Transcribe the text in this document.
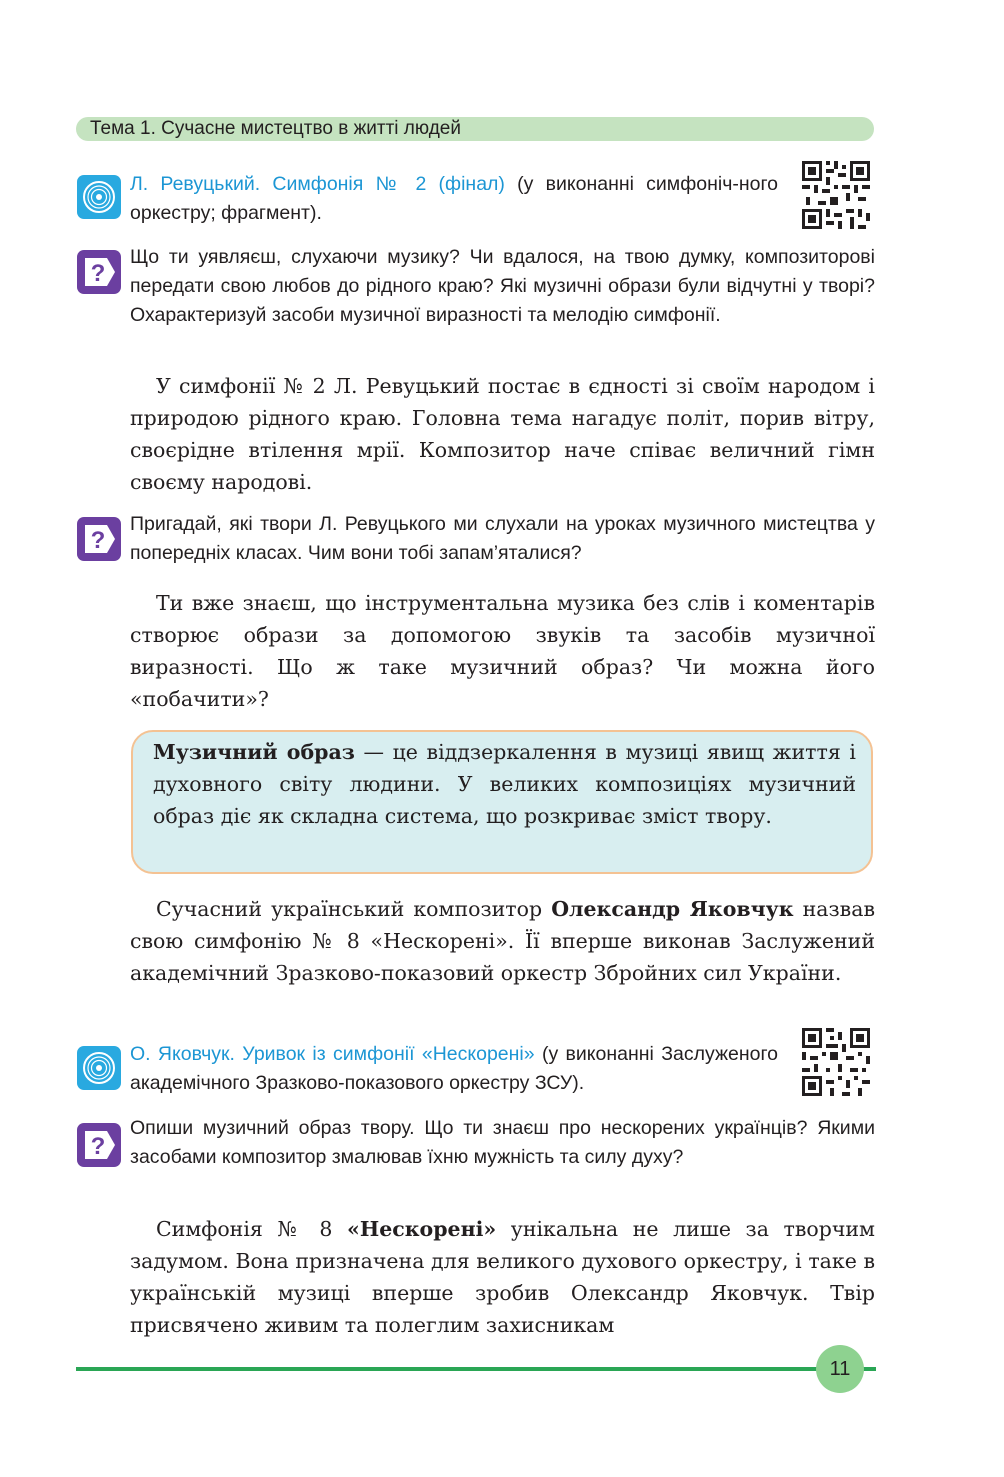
Тема 1. Сучасне мистецтво в житті людей
Л. Ревуцький. Симфонія № 2 (фінал) (у виконанні симфоніч-ного оркестру; фрагмент).
?
Що ти уявляєш, слухаючи музику? Чи вдалося, на твою думку, композиторові передати свою любов до рідного краю? Які музичні образи були відчутні у творі? Охарактеризуй засоби музичної виразності та мелодію симфонії.
У симфонії № 2 Л. Ревуцький постає в єдності зі своїм народом і природою рідного краю. Головна тема нагадує політ, порив вітру, своєрідне втілення мрії. Композитор наче співає величний гімн своєму народові.
?
Пригадай, які твори Л. Ревуцького ми слухали на уроках музичного мистецтва у попередніх класах. Чим вони тобі запам’яталися?
Ти вже знаєш, що інструментальна музика без слів і коментарів створює образи за допомогою звуків та засобів музичної виразності. Що ж таке музичний образ? Чи можна його «побачити»?
Музичний образ — це віддзеркалення в музиці явищ життя і духовного світу людини. У великих композиціях музичний образ діє як складна система, що розкриває зміст твору.
Сучасний український композитор Олександр Яковчук назвав свою симфонію № 8 «Нескорені». Її вперше виконав Заслужений академічний Зразково-показовий оркестр Збройних сил України.
О. Яковчук. Уривок із симфонії «Нескорені» (у виконанні Заслуженого академічного Зразково-показового оркестру ЗСУ).
?
Опиши музичний образ твору. Що ти знаєш про нескорених українців? Якими засобами композитор змалював їхню мужність та силу духу?
Симфонія № 8 «Нескорені» унікальна не лише за творчим задумом. Вона призначена для великого духового оркестру, і таке в українській музиці вперше зробив Олександр Яковчук. Твір присвячено живим та полеглим захисникам
11
